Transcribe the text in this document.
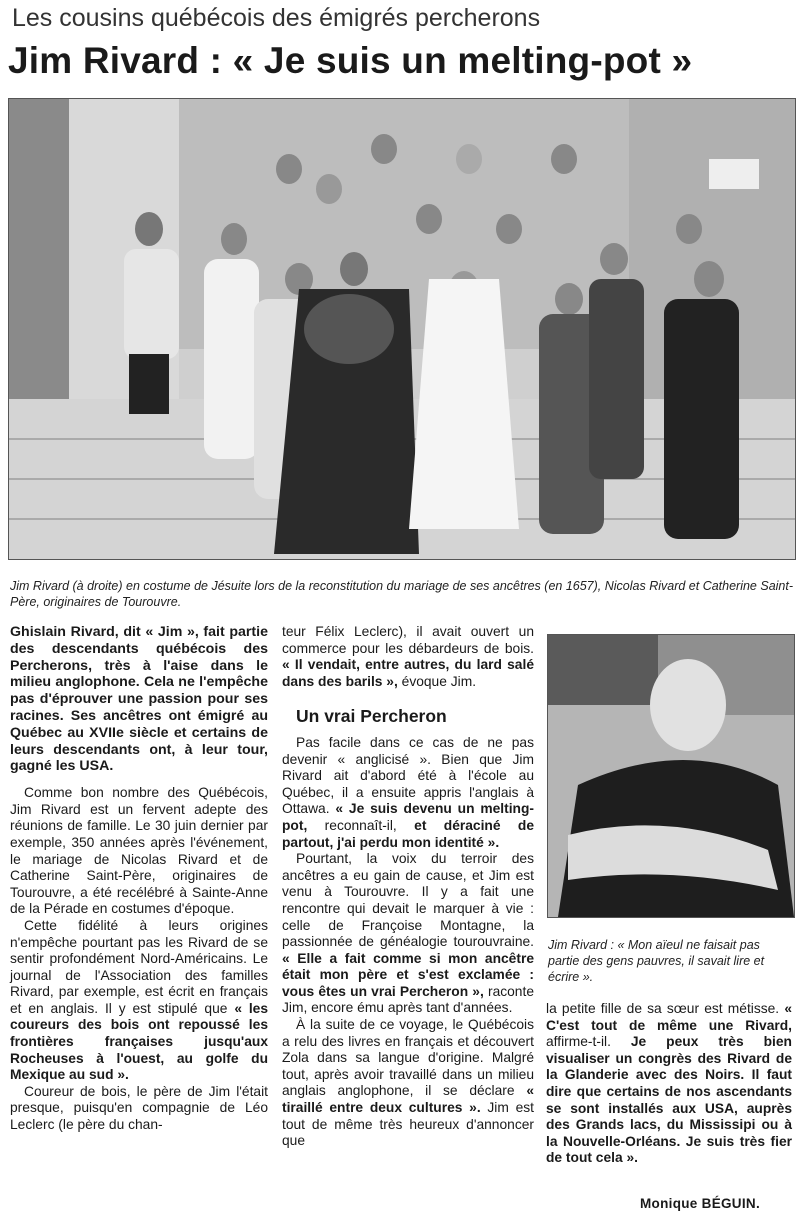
Les cousins québécois des émigrés percherons
Jim Rivard : « Je suis un melting-pot »

Jim Rivard (à droite) en costume de Jésuite lors de la reconstitution du mariage de ses ancêtres (en 1657), Nicolas Rivard et Catherine Saint-Père, originaires de Tourouvre.

Ghislain Rivard, dit « Jim », fait partie des descendants québécois des Percherons, très à l'aise dans le milieu anglophone. Cela ne l'empêche pas d'éprouver une passion pour ses racines. Ses ancêtres ont émigré au Québec au XVIIe siècle et certains de leurs descendants ont, à leur tour, gagné les USA.

Comme bon nombre des Québécois, Jim Rivard est un fervent adepte des réunions de famille. Le 30 juin dernier par exemple, 350 années après l'événement, le mariage de Nicolas Rivard et de Catherine Saint-Père, originaires de Tourouvre, a été recélébré à Sainte-Anne de la Pérade en costumes d'époque.

Cette fidélité à leurs origines n'empêche pourtant pas les Rivard de se sentir profondément Nord-Américains. Le journal de l'Association des familles Rivard, par exemple, est écrit en français et en anglais. Il y est stipulé que « les coureurs des bois ont repoussé les frontières françaises jusqu'aux Rocheuses à l'ouest, au golfe du Mexique au sud ».

Coureur de bois, le père de Jim l'était presque, puisqu'en compagnie de Léo Leclerc (le père du chan-

teur Félix Leclerc), il avait ouvert un commerce pour les débardeurs de bois. « Il vendait, entre autres, du lard salé dans des barils », évoque Jim.

Un vrai Percheron

Pas facile dans ce cas de ne pas devenir « anglicisé ». Bien que Jim Rivard ait d'abord été à l'école au Québec, il a ensuite appris l'anglais à Ottawa. « Je suis devenu un melting-pot, reconnaît-il, et déraciné de partout, j'ai perdu mon identité ».

Pourtant, la voix du terroir des ancêtres a eu gain de cause, et Jim est venu à Tourouvre. Il y a fait une rencontre qui devait le marquer à vie : celle de Françoise Montagne, la passionnée de généalogie tourouvraine. « Elle a fait comme si mon ancêtre était mon père et s'est exclamée : vous êtes un vrai Percheron », raconte Jim, encore ému après tant d'années.

À la suite de ce voyage, le Québécois a relu des livres en français et découvert Zola dans sa langue d'origine. Malgré tout, après avoir travaillé dans un milieu anglais anglophone, il se déclare « tiraillé entre deux cultures ». Jim est tout de même très heureux d'annoncer que

Jim Rivard : « Mon aïeul ne faisait pas partie des gens pauvres, il savait lire et écrire ».

la petite fille de sa sœur est métisse. « C'est tout de même une Rivard, affirme-t-il. Je peux très bien visualiser un congrès des Rivard de la Glanderie avec des Noirs. Il faut dire que certains de nos ascendants se sont installés aux USA, auprès des Grands lacs, du Mississipi ou à la Nouvelle-Orléans. Je suis très fier de tout cela ».

Monique BÉGUIN.
